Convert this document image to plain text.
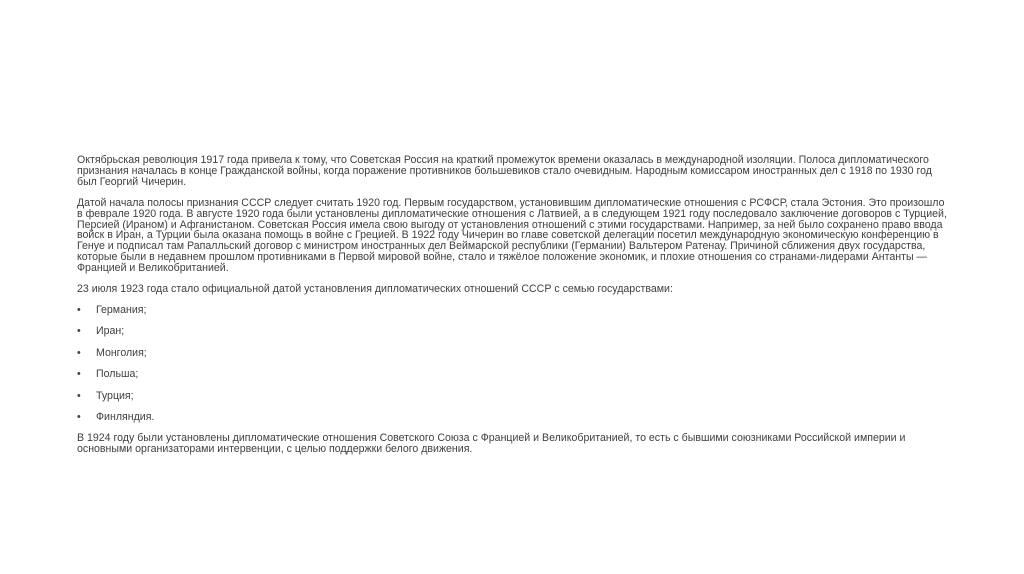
Октябрьская революция 1917 года привела к тому, что Советская Россия на краткий промежуток времени оказалась в международной изоляции. Полоса дипломатического признания началась в конце Гражданской войны, когда поражение противников большевиков стало очевидным. Народным комиссаром иностранных дел с 1918 по 1930 год был Георгий Чичерин.

Датой начала полосы признания СССР следует считать 1920 год. Первым государством, установившим дипломатические отношения с РСФСР, стала Эстония. Это произошло в феврале 1920 года. В августе 1920 года были установлены дипломатические отношения с Латвией, а в следующем 1921 году последовало заключение договоров с Турцией, Персией (Ираном) и Афганистаном. Советская Россия имела свою выгоду от установления отношений с этими государствами. Например, за ней было сохранено право ввода войск в Иран, а Турции была оказана помощь в войне с Грецией. В 1922 году Чичерин во главе советской делегации посетил международную экономическую конференцию в Генуе и подписал там Рапалльский договор с министром иностранных дел Веймарской республики (Германии) Вальтером Ратенау. Причиной сближения двух государства, которые были в недавнем прошлом противниками в Первой мировой войне, стало и тяжёлое положение экономик, и плохие отношения со странами-лидерами Антанты — Францией и Великобританией.

23 июля 1923 года стало официальной датой установления дипломатических отношений СССР с семью государствами:

• Германия;
• Иран;
• Монголия;
• Польша;
• Турция;
• Финляндия.

В 1924 году были установлены дипломатические отношения Советского Союза с Францией и Великобританией, то есть с бывшими союзниками Российской империи и основными организаторами интервенции, с целью поддержки белого движения.
